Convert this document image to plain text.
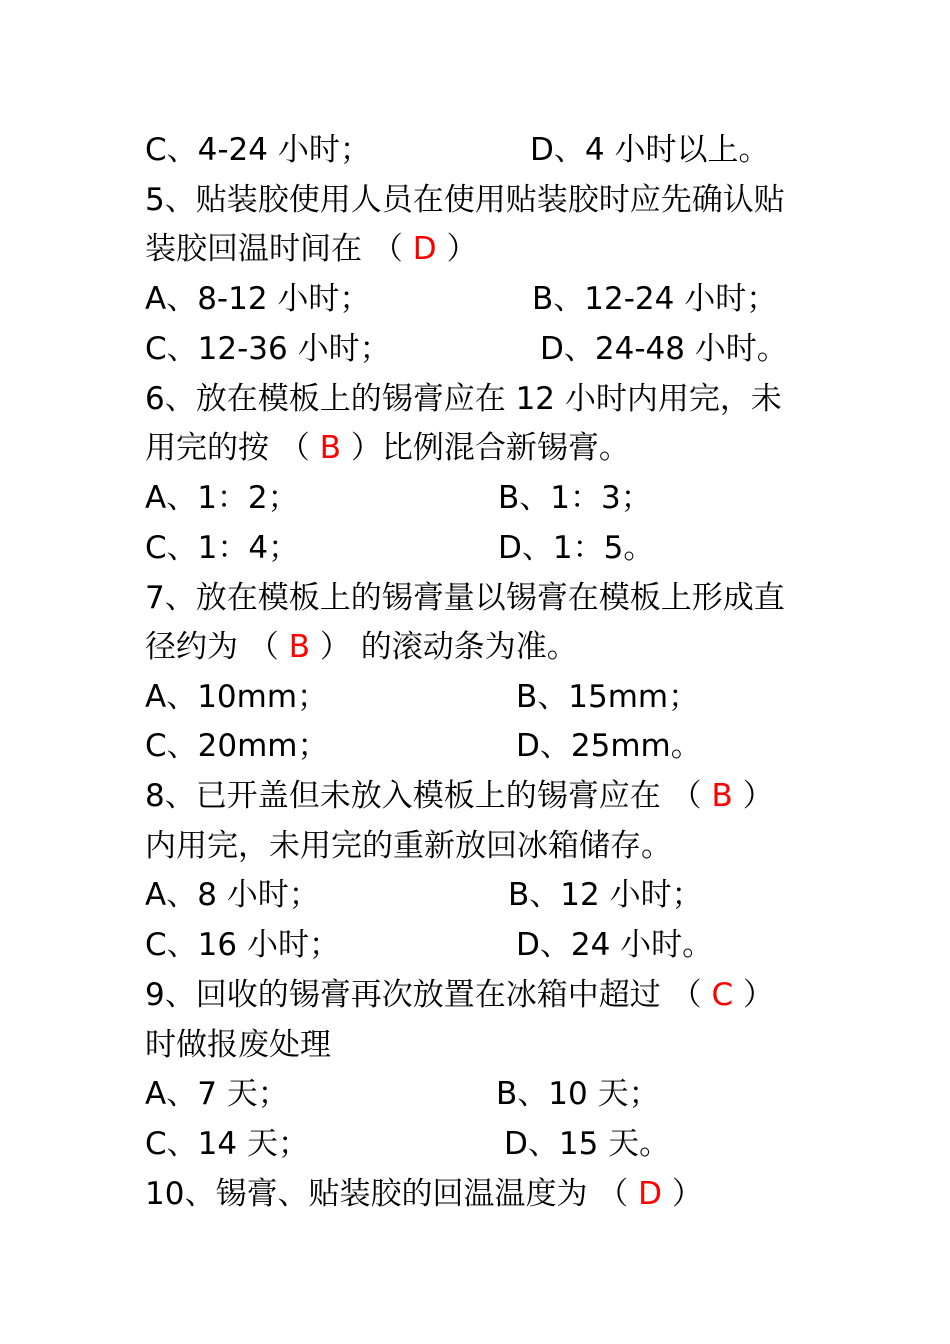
C、4-24 小时；	D、4 小时以上。
5、贴装胶使用人员在使用贴装胶时应先确认贴
装胶回温时间在 （ D ）
A、8-12 小时；	B、12-24 小时；
C、12-36 小时；	D、24-48 小时。
6、放在模板上的锡膏应在 12 小时内用完，未
用完的按 （ B ）比例混合新锡膏。
A、1：2；	B、1：3；
C、1：4；	D、1：5。
7、放在模板上的锡膏量以锡膏在模板上形成直
径约为 （ B ） 的滚动条为准。
A、10mm；	B、15mm；
C、20mm；	D、25mm。
8、已开盖但未放入模板上的锡膏应在 （ B ）
内用完，未用完的重新放回冰箱储存。
A、8 小时；	B、12 小时；
C、16 小时；	D、24 小时。
9、回收的锡膏再次放置在冰箱中超过 （ C ）
时做报废处理
A、7 天；	B、10 天；
C、14 天；	D、15 天。
10、锡膏、贴装胶的回温温度为 （ D ）
